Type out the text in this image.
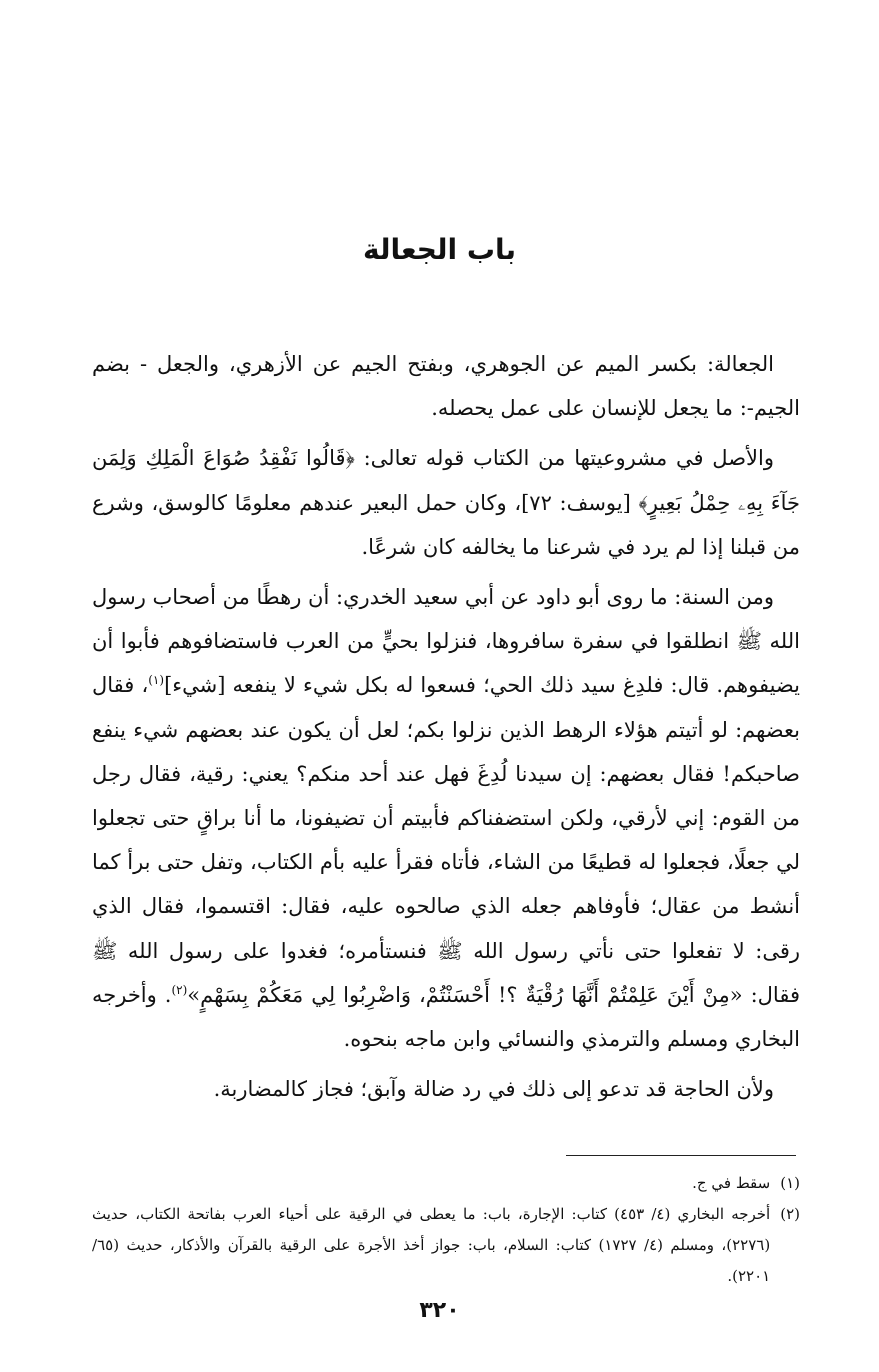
باب الجعالة

الجعالة: بكسر الميم عن الجوهري، وبفتح الجيم عن الأزهري، والجعل - بضم الجيم-: ما يجعل للإنسان على عمل يحصله.

والأصل في مشروعيتها من الكتاب قوله تعالى: ﴿قَالُوا نَفْقِدُ صُوَاعَ الْمَلِكِ وَلِمَن جَآءَ بِهِۦ حِمْلُ بَعِيرٍ﴾ [يوسف: ٧٢]، وكان حمل البعير عندهم معلومًا كالوسق، وشرع من قبلنا إذا لم يرد في شرعنا ما يخالفه كان شرعًا.

ومن السنة: ما روى أبو داود عن أبي سعيد الخدري: أن رهطًا من أصحاب رسول الله ﷺ انطلقوا في سفرة سافروها، فنزلوا بحيٍّ من العرب فاستضافوهم فأبوا أن يضيفوهم. قال: فلدِغ سيد ذلك الحي؛ فسعوا له بكل شيء لا ينفعه [شيء]$^{(١)}$، فقال بعضهم: لو أتيتم هؤلاء الرهط الذين نزلوا بكم؛ لعل أن يكون عند بعضهم شيء ينفع صاحبكم! فقال بعضهم: إن سيدنا لُدِغَ فهل عند أحد منكم؟ يعني: رقية، فقال رجل من القوم: إني لأرقي، ولكن استضفناكم فأبيتم أن تضيفونا، ما أنا براقٍ حتى تجعلوا لي جعلًا، فجعلوا له قطيعًا من الشاء، فأتاه فقرأ عليه بأم الكتاب، وتفل حتى برأ كما أنشط من عقال؛ فأوفاهم جعله الذي صالحوه عليه، فقال: اقتسموا، فقال الذي رقى: لا تفعلوا حتى نأتي رسول الله ﷺ فنستأمره؛ فغدوا على رسول الله ﷺ فقال: «مِنْ أَيْنَ عَلِمْتُمْ أَنَّهَا رُقْيَةٌ ؟! أَحْسَنْتُمْ، وَاضْرِبُوا لِي مَعَكُمْ بِسَهْمٍ»$^{(٢)}$. وأخرجه البخاري ومسلم والترمذي والنسائي وابن ماجه بنحوه.

ولأن الحاجة قد تدعو إلى ذلك في رد ضالة وآبق؛ فجاز كالمضاربة.

(١)
سقط في ج.
(٢)
أخرجه البخاري (٤/ ٤٥٣) كتاب: الإجارة، باب: ما يعطى في الرقية على أحياء العرب بفاتحة الكتاب، حديث (٢٢٧٦)، ومسلم (٤/ ١٧٢٧) كتاب: السلام، باب: جواز أخذ الأجرة على الرقية بالقرآن والأذكار، حديث (٦٥/ ٢٢٠١).
٣٢٠
